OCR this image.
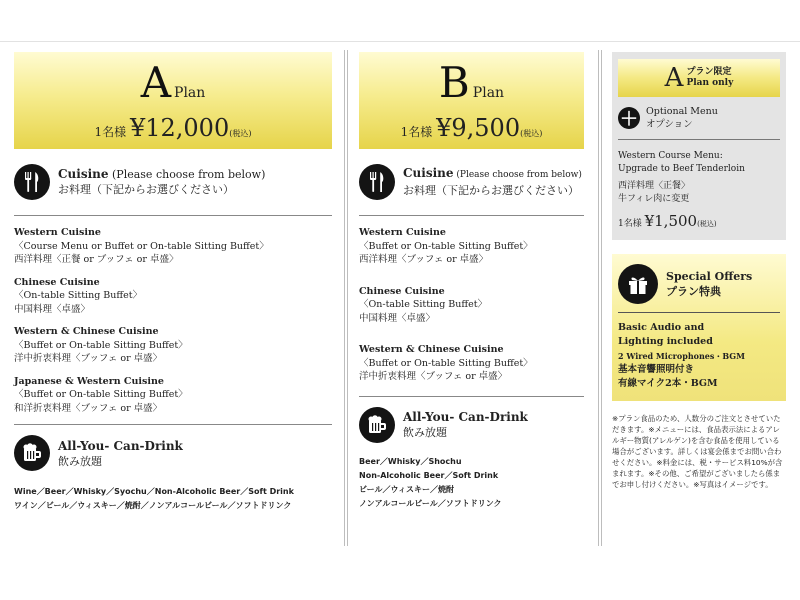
A Plan
1名様 ¥12,000(税込)
Cuisine (Please choose from below)
お料理（下記からお選びください）
Western Cuisine
〈Course Menu or Buffet or On-table Sitting Buffet〉
西洋料理〈正餐 or ブッフェ or 卓盛〉
Chinese Cuisine
〈On-table Sitting Buffet〉
中国料理〈卓盛〉
Western & Chinese Cuisine
〈Buffet or On-table Sitting Buffet〉
洋中折衷料理〈ブッフェ or 卓盛〉
Japanese & Western Cuisine
〈Buffet or On-table Sitting Buffet〉
和洋折衷料理〈ブッフェ or 卓盛〉
All-You- Can-Drink
飲み放題
Wine／Beer／Whisky／Syochu／Non-Alcoholic Beer／Soft Drink
ワイン／ビール／ウィスキー／焼酎／ノンアルコールビール／ソフトドリンク
B Plan
1名様 ¥9,500(税込)
Cuisine (Please choose from below)
お料理（下記からお選びください）
Western Cuisine
〈Buffet or On-table Sitting Buffet〉
西洋料理〈ブッフェ or 卓盛〉
Chinese Cuisine
〈On-table Sitting Buffet〉
中国料理〈卓盛〉
Western & Chinese Cuisine
〈Buffet or On-table Sitting Buffet〉
洋中折衷料理〈ブッフェ or 卓盛〉
All-You- Can-Drink
飲み放題
Beer／Whisky／Shochu
Non-Alcoholic Beer／Soft Drink
ビール／ウィスキー／焼酎
ノンアルコールビール／ソフトドリンク
A プラン限定
Plan only
＋ Optional Menu
オプション
Western Course Menu:
Upgrade to Beef Tenderloin
西洋料理〈正餐〉
牛フィレ肉に変更
1名様 ¥1,500(税込)
Special Offers
プラン特典
Basic Audio and
Lighting included
2 Wired Microphones・BGM
基本音響照明付き
有線マイク2本・BGM
※プラン食品のため、人数分のご注文とさせていただきます。※メニューには、食品表示法によるアレルギー物質(アレルゲン)を含む食品を使用している場合がございます。詳しくは宴会係までお問い合わせください。※料金には、税・サービス料10%が含まれます。※その他、ご希望がございましたら係までお申し付けください。※写真はイメージです。
